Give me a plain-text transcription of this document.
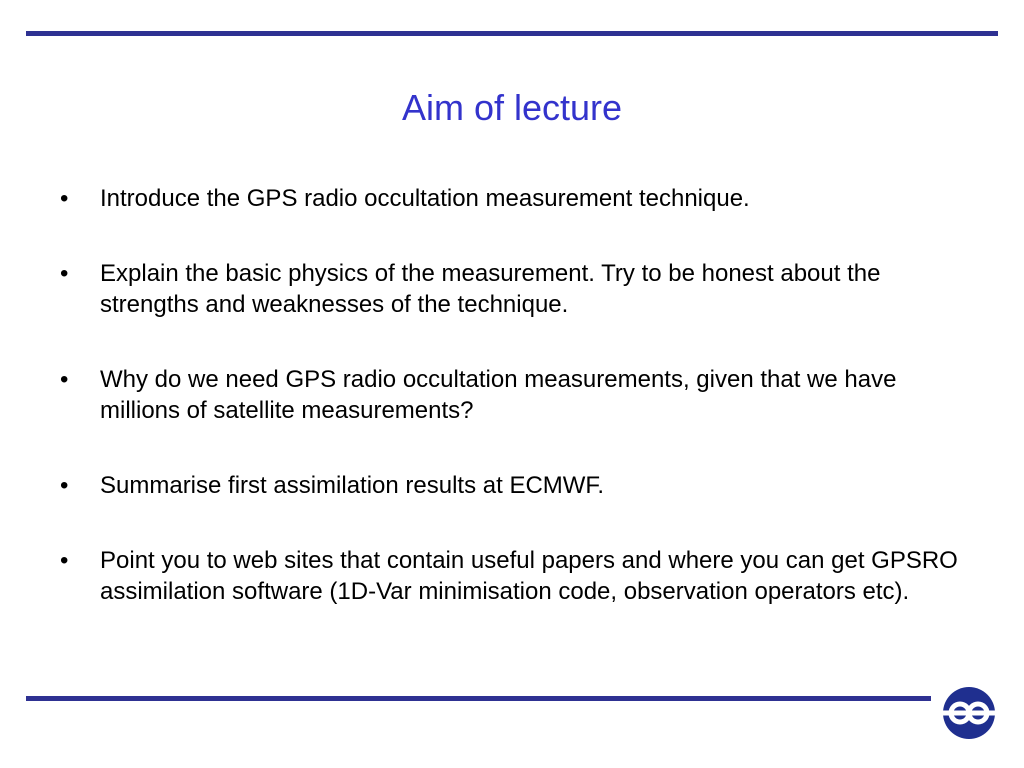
Aim of lecture
• Introduce the GPS radio occultation measurement technique.
• Explain the basic physics of the measurement. Try to be honest about the strengths and weaknesses of the technique.
• Why do we need GPS radio occultation measurements, given that we have millions of satellite measurements?
• Summarise first assimilation results at ECMWF.
• Point you to web sites that contain useful papers and where you can get GPSRO assimilation software (1D-Var minimisation code, observation operators etc).
